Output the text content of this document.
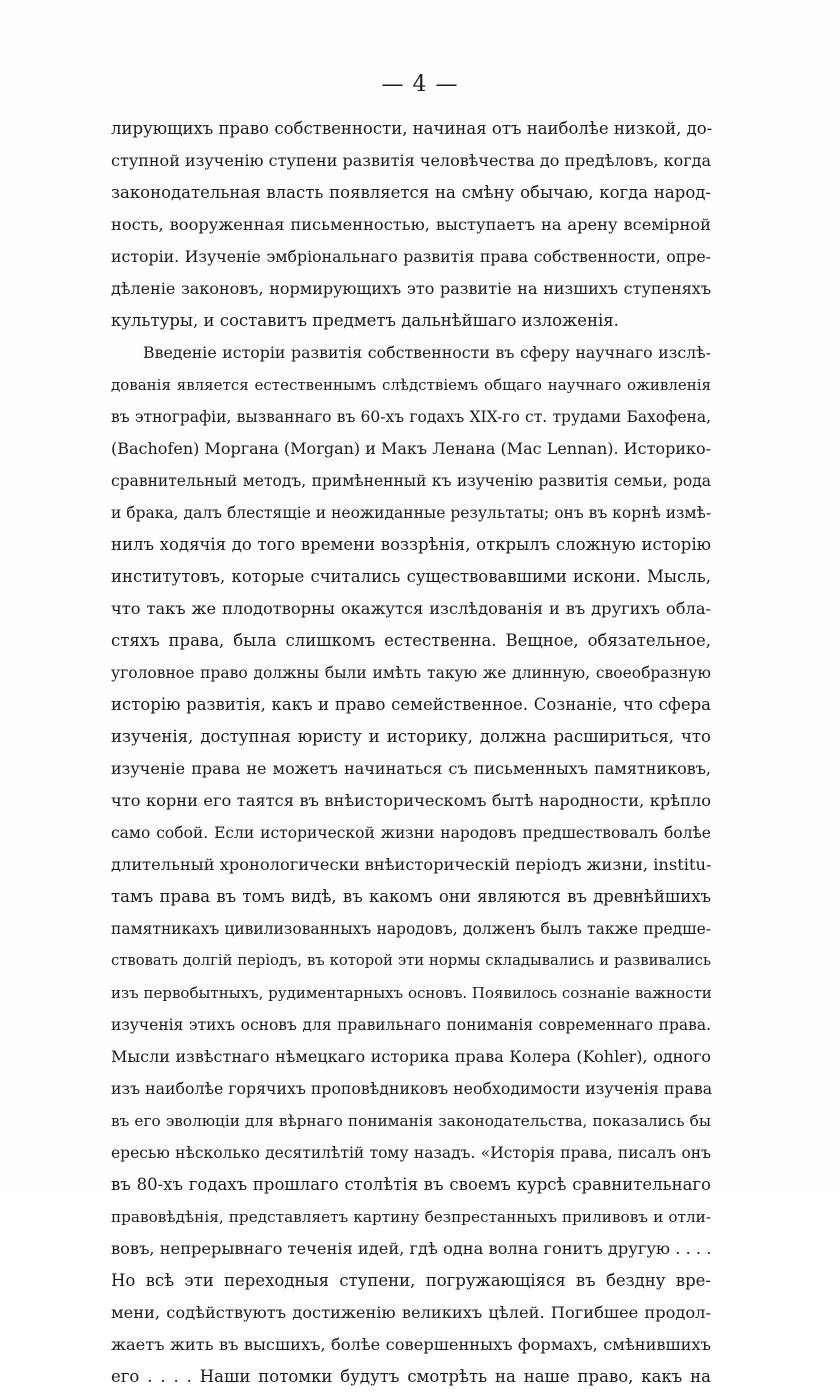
— 4 —
лирующихъ право собственности, начиная отъ наиболѣе низкой, до-
ступной изученію ступени развитія человѣчества до предѣловъ, когда
законодательная власть появляется на смѣну обычаю, когда народ-
ность, вооруженная письменностью, выступаетъ на арену всемірной
исторіи. Изученіе эмбріональнаго развитія права собственности, опре-
дѣленіе законовъ, нормирующихъ это развитіе на низшихъ ступеняхъ
культуры, и составитъ предметъ дальнѣйшаго изложенія.
Введеніе исторіи развитія собственности въ сферу научнаго изслѣ-
дованія является естественнымъ слѣдствіемъ общаго научнаго оживленія
въ этнографіи, вызваннаго въ 60-хъ годахъ XIX-го ст. трудами Бахофена,
(Bachofen) Моргана (Morgan) и Макъ Ленана (Mac Lennan). Историко-
сравнительный методъ, примѣненный къ изученію развитія семьи, рода
и брака, далъ блестящіе и неожиданные результаты; онъ въ корнѣ измѣ-
нилъ ходячія до того времени воззрѣнія, открылъ сложную исторію
институтовъ, которые считались существовавшими искони. Мысль,
что такъ же плодотворны окажутся изслѣдованія и въ другихъ обла-
стяхъ права, была слишкомъ естественна. Вещное, обязательное,
уголовное право должны были имѣть такую же длинную, своеобразную
исторію развитія, какъ и право семейственное. Сознаніе, что сфера
изученія, доступная юристу и историку, должна расшириться, что
изученіе права не можетъ начинаться съ письменныхъ памятниковъ,
что корни его таятся въ внѣисторическомъ бытѣ народности, крѣпло
само собой. Если исторической жизни народовъ предшествовалъ болѣе
длительный хронологически внѣисторическій періодъ жизни, institu-
тамъ права въ томъ видѣ, въ какомъ они являются въ древнѣйшихъ
памятникахъ цивилизованныхъ народовъ, долженъ былъ также предше-
ствовать долгій періодъ, въ которой эти нормы складывались и развивались
изъ первобытныхъ, рудиментарныхъ основъ. Появилось сознаніе важности
изученія этихъ основъ для правильнаго пониманія современнаго права.
Мысли извѣстнаго нѣмецкаго историка права Колера (Kohler), одного
изъ наиболѣе горячихъ проповѣдниковъ необходимости изученія права
въ его эволюціи для вѣрнаго пониманія законодательства, показались бы
ересью нѣсколько десятилѣтій тому назадъ. «Исторія права, писалъ онъ
въ 80-хъ годахъ прошлаго столѣтія въ своемъ курсѣ сравнительнаго
правовѣдѣнія, представляетъ картину безпрестанныхъ приливовъ и отли-
вовъ, непрерывнаго теченія идей, гдѣ одна волна гонитъ другую . . . .
Но всѣ эти переходныя ступени, погружающіяся въ бездну вре-
мени, содѣйствуютъ достиженію великихъ цѣлей. Погибшее продол-
жаетъ жить въ высшихъ, болѣе совершенныхъ формахъ, смѣнившихъ
его . . . . Наши потомки будутъ смотрѣть на наше право, какъ на
